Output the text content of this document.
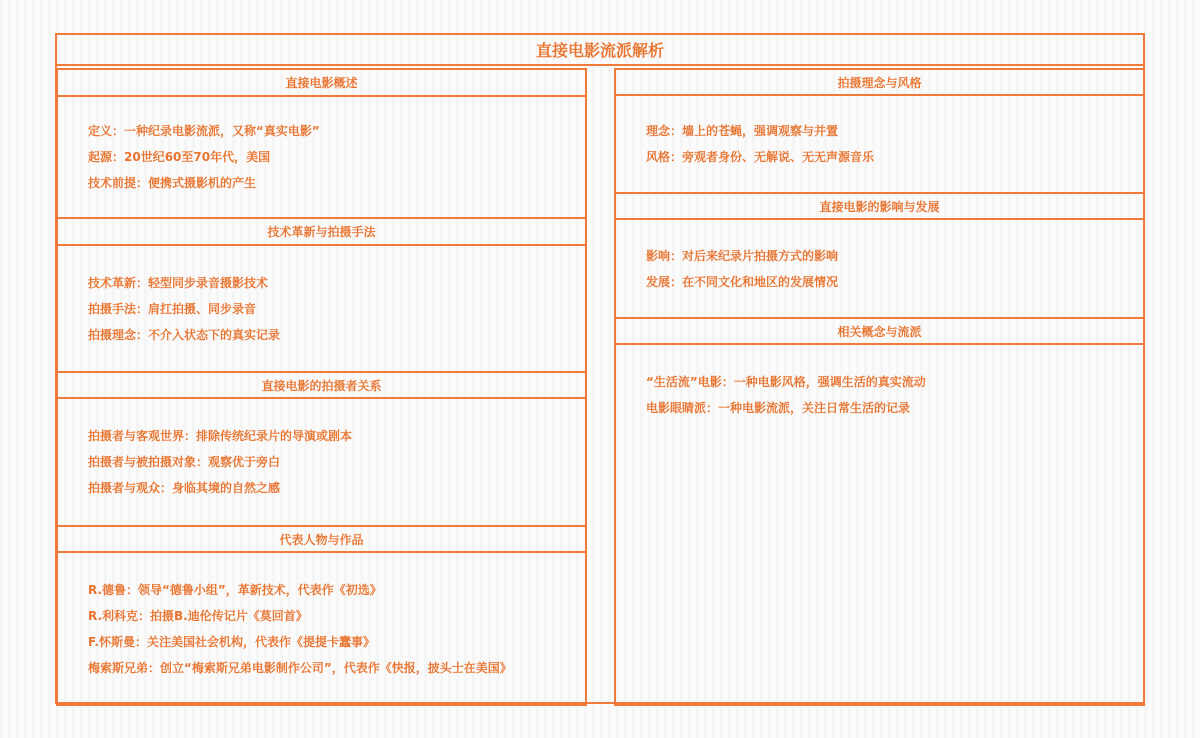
直接电影流派解析
直接电影概述
定义：一种纪录电影流派，又称“真实电影”
起源：20世纪60至70年代，美国
技术前提：便携式摄影机的产生
技术革新与拍摄手法
技术革新：轻型同步录音摄影技术
拍摄手法：肩扛拍摄、同步录音
拍摄理念：不介入状态下的真实记录
直接电影的拍摄者关系
拍摄者与客观世界：排除传统纪录片的导演或剧本
拍摄者与被拍摄对象：观察优于旁白
拍摄者与观众：身临其境的自然之感
代表人物与作品
R.德鲁：领导“德鲁小组”，革新技术，代表作《初选》
R.利科克：拍摄B.迪伦传记片《莫回首》
F.怀斯曼：关注美国社会机构，代表作《提提卡蠢事》
梅索斯兄弟：创立“梅索斯兄弟电影制作公司”，代表作《快报，披头士在美国》
拍摄理念与风格
理念：墙上的苍蝇，强调观察与并置
风格：旁观者身份、无解说、无无声源音乐
直接电影的影响与发展
影响：对后来纪录片拍摄方式的影响
发展：在不同文化和地区的发展情况
相关概念与流派
“生活流”电影：一种电影风格，强调生活的真实流动
电影眼睛派：一种电影流派，关注日常生活的记录
